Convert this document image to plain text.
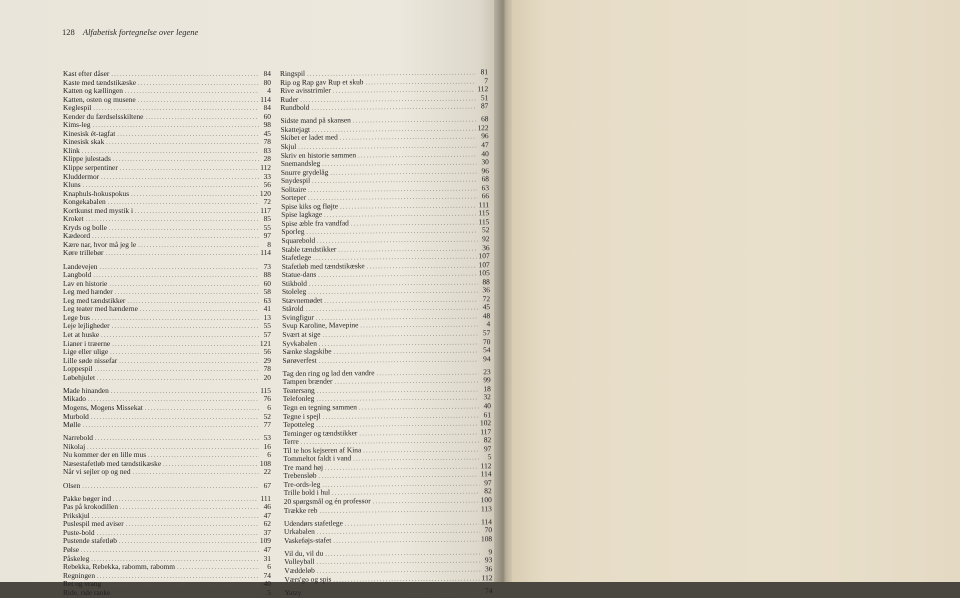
128 Alfabetisk fortegnelse over legene
Kast efter dåser .....	84
Kaste med tændstikæske .....	80
Katten og kællingen .....	4
Katten, osten og musene .....	114
Keglespil .....	84
Kender du færdselsskiltene .....	60
Kims-leg .....	98
Kinesisk ét-tagfat .....	45
Kinesisk skak .....	78
Klink .....	83
Klippe julestads .....	28
Klippe serpentiner .....	112
Kluddermor .....	33
Kluns .....	56
Knaphuls-hokuspokus .....	120
Kongekabalen .....	72
Kortkunst med mystik i .....	117
Kroket .....	85
Kryds og bolle .....	55
Kædeord .....	97
Kære nar, hvor må jeg le .....	8
Køre trillebør .....	114
Landevejen .....	73
Langbold .....	88
Lav en historie .....	60
Leg med hænder .....	58
Leg med tændstikker .....	63
Leg teater med hænderne .....	41
Lege bus .....	13
Leje lejligheder .....	55
Let at huske .....	57
Lianer i træerne .....	121
Lige eller ulige .....	56
Lille søde nissefar .....	29
Loppespil .....	78
Løbehjulet .....	20
Made hinanden .....	115
Mikado .....	76
Mogens, Mogens Missekat .....	6
Murbold .....	52
Mølle .....	77
Narrebold .....	53
Nikolaj .....	16
Nu kommer der en lille mus .....	6
Næsestafetløb med tændstikæske .....	108
Når vi sejler op og ned .....	22
Olsen .....	67
Pakke bøger ind .....	111
Pas på krokodillen .....	46
Prikskjul .....	47
Puslespil med aviser .....	62
Puste-bold .....	37
Pustende stafetløb .....	109
Pølse .....	47
Påskeleg .....	31
Rebekka, Rebekka, rabomm, rabomm .....	6
Regningen .....	74
Ret og vrang .....	40
Ride, ride ranke .....	5
Ringspil .....	81
Rip og Rap gav Rup et skub .....	7
Rive avisstrimler .....	112
Ruder .....	51
Rundbold .....	87
Sidste mand på skansen .....	68
Skattejagt .....	122
Skibet er ladet med .....	96
Skjul .....	47
Skriv en historie sammen .....	40
Snemandsleg .....	30
Snurre grydelåg .....	96
Snydespil .....	68
Solitaire .....	63
Sorteper .....	66
Spise kiks og fløjte .....	111
Spise lagkage .....	115
Spise æble fra vandfad .....	115
Sporleg .....	52
Squarebold .....	92
Stable tændstikker .....	36
Stafetlege .....	107
Stafetløb med tændstikæske .....	107
Statue-dans .....	105
Stikbold .....	88
Stoleleg .....	36
Stævnemødet .....	72
Stårold .....	45
Svingfigur .....	48
Svup Karoline, Mavepine .....	4
Svært at sige .....	57
Syvkabalen .....	70
Sænke slagskibe .....	54
Sørøverfest .....	94
Tag den ring og lad den vandre .....	23
Tampen brænder .....	99
Teatersang .....	18
Telefonleg .....	32
Tegn en tegning sammen .....	40
Tegne i spejl .....	61
Tepotteleg .....	102
Terninger og tændstikker .....	117
Terre .....	82
Til te hos kejseren af Kina .....	97
Tommeltot faldt i vand .....	5
Tre mand høj .....	112
Trebensløb .....	114
Tre-ords-leg .....	97
Trille bold i hul .....	82
20 spørgsmål og én professor .....	100
Trække reb .....	113
Udendørs stafetlege .....	114
Urkabalen .....	70
Vaskeføjs-stafet .....	108
Vil du, vil du .....	9
Volleyball .....	93
Væddeløb .....	36
Værs'go og spis .....	112
Yatzy .....	74
